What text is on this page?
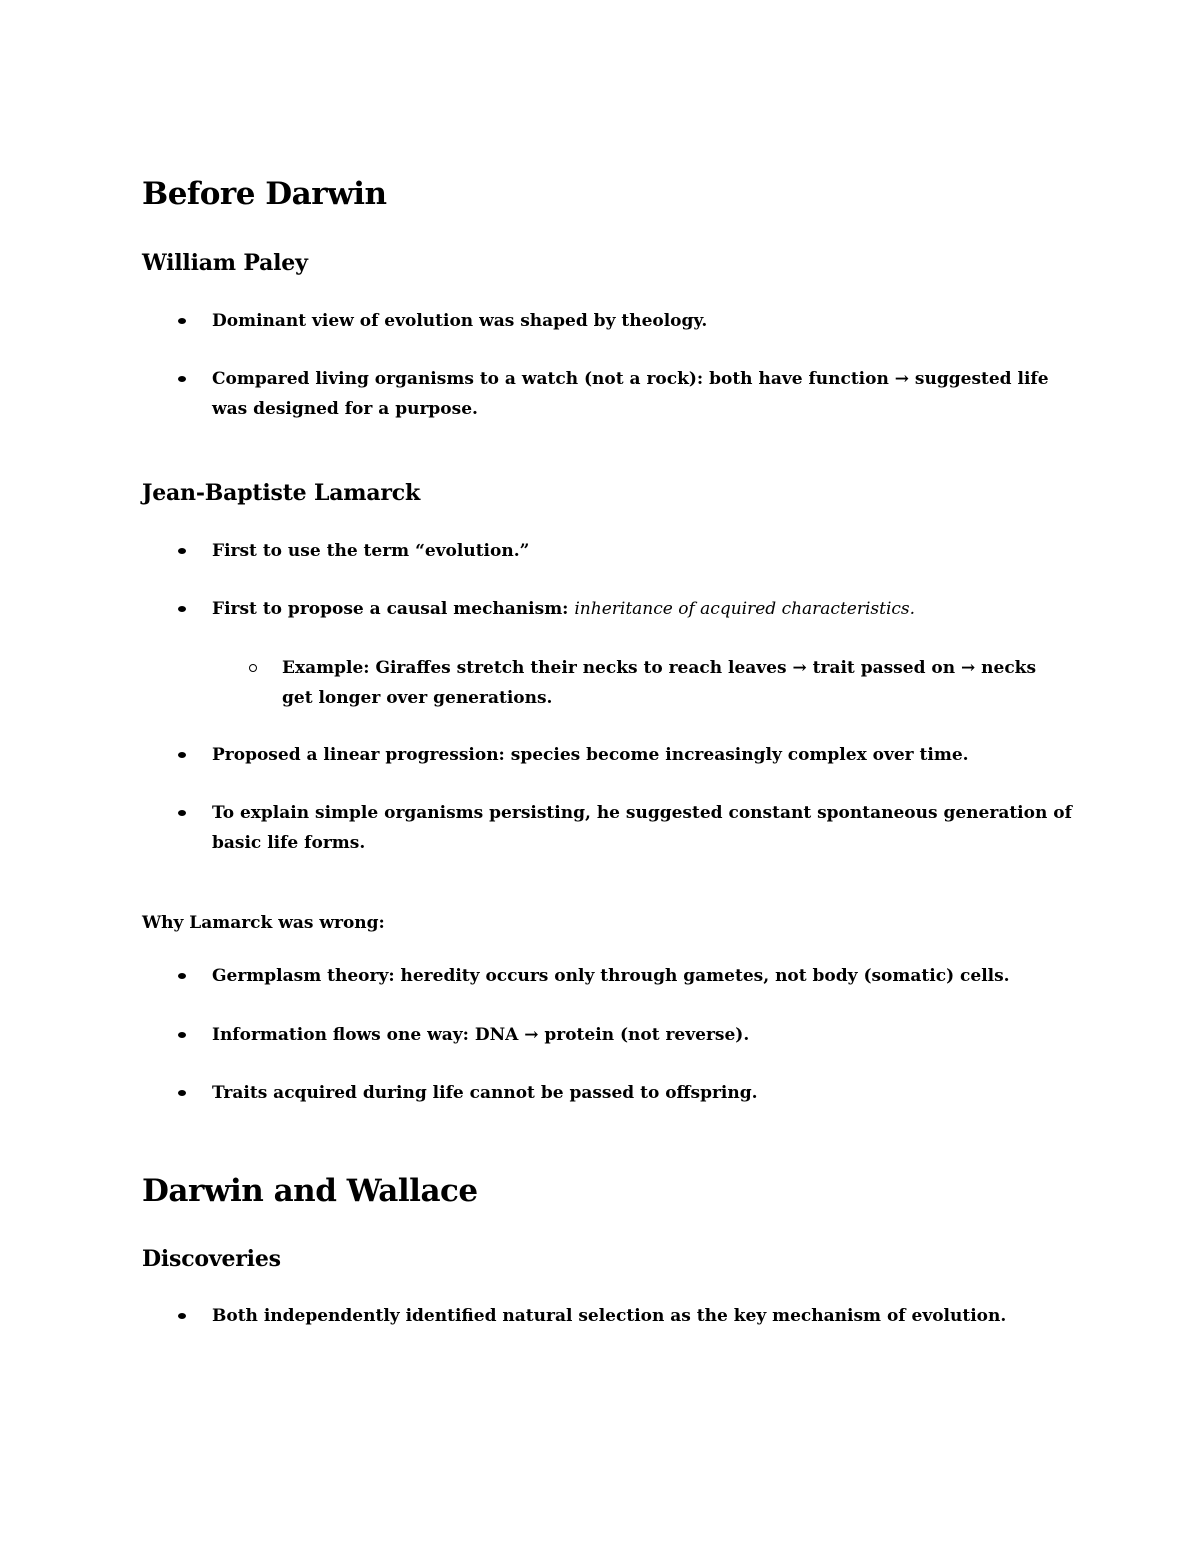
Before Darwin
William Paley
Dominant view of evolution was shaped by theology.
Compared living organisms to a watch (not a rock): both have function → suggested life was designed for a purpose.
Jean-Baptiste Lamarck
First to use the term “evolution.”
First to propose a causal mechanism: inheritance of acquired characteristics.
Example: Giraffes stretch their necks to reach leaves → trait passed on → necks get longer over generations.
Proposed a linear progression: species become increasingly complex over time.
To explain simple organisms persisting, he suggested constant spontaneous generation of basic life forms.
Why Lamarck was wrong:
Germplasm theory: heredity occurs only through gametes, not body (somatic) cells.
Information flows one way: DNA → protein (not reverse).
Traits acquired during life cannot be passed to offspring.
Darwin and Wallace
Discoveries
Both independently identified natural selection as the key mechanism of evolution.
